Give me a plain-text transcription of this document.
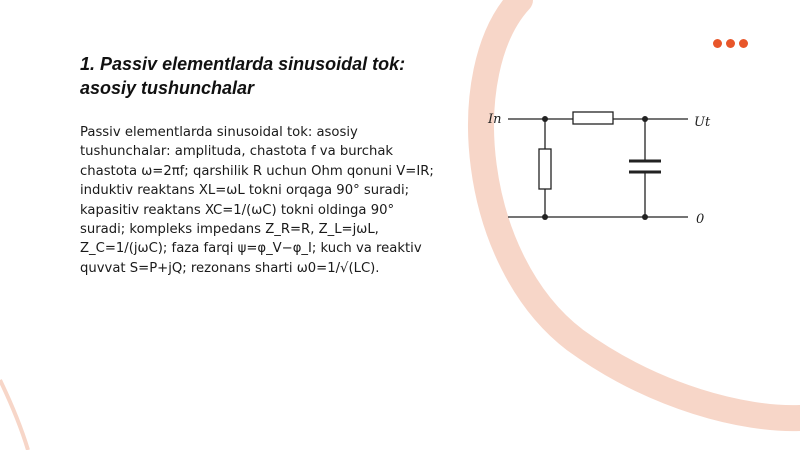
1. Passiv elementlarda sinusoidal tok: asosiy tushunchalar

Passiv elementlarda sinusoidal tok: asosiy tushunchalar: amplituda, chastota f va burchak chastota ω=2πf; qarshilik R uchun Ohm qonuni V=IR; induktiv reaktans XL=ωL tokni orqaga 90° suradi; kapasitiv reaktans XC=1/(ωC) tokni oldinga 90° suradi; kompleks impedans Z_R=R, Z_L=jωL, Z_C=1/(jωC); faza farqi ψ=φ_V−φ_I; kuch va reaktiv quvvat S=P+jQ; rezonans sharti ω0=1/√(LC).

In	Ut
0
